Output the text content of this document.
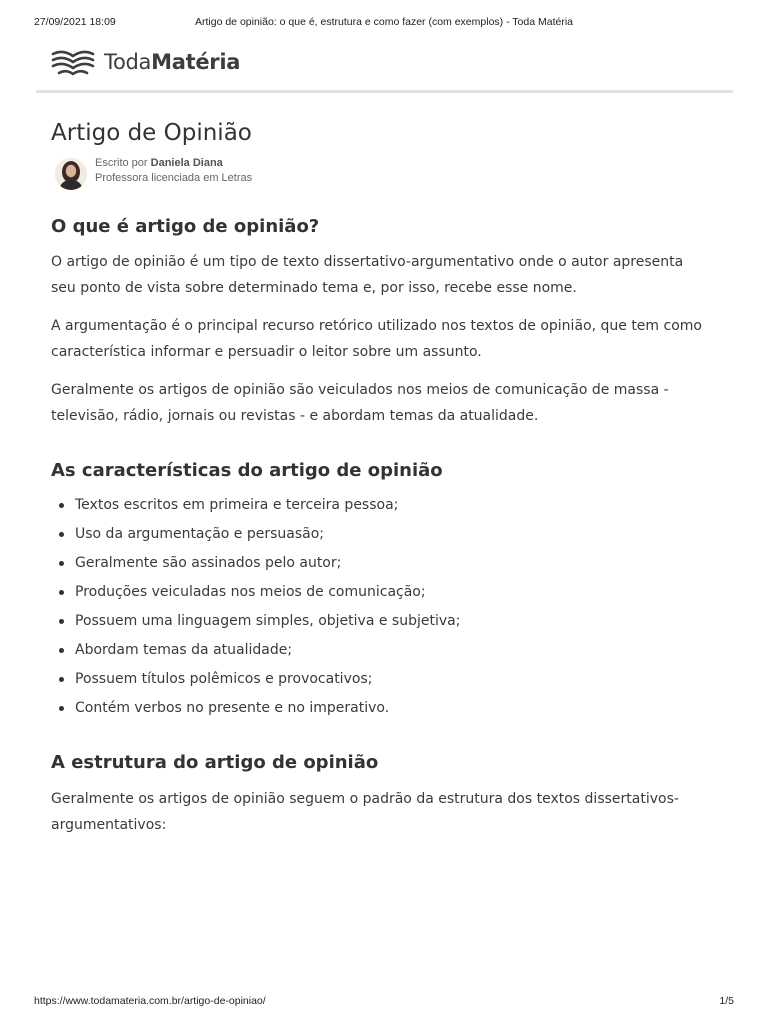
27/09/2021 18:09	Artigo de opinião: o que é, estrutura e como fazer (com exemplos) - Toda Matéria
TodaMatéria
Artigo de Opinião
Escrito por Daniela Diana
Professora licenciada em Letras
O que é artigo de opinião?

O artigo de opinião é um tipo de texto dissertativo-argumentativo onde o autor apresenta seu ponto de vista sobre determinado tema e, por isso, recebe esse nome.

A argumentação é o principal recurso retórico utilizado nos textos de opinião, que tem como característica informar e persuadir o leitor sobre um assunto.

Geralmente os artigos de opinião são veiculados nos meios de comunicação de massa - televisão, rádio, jornais ou revistas - e abordam temas da atualidade.

As características do artigo de opinião
Textos escritos em primeira e terceira pessoa;
Uso da argumentação e persuasão;
Geralmente são assinados pelo autor;
Produções veiculadas nos meios de comunicação;
Possuem uma linguagem simples, objetiva e subjetiva;
Abordam temas da atualidade;
Possuem títulos polêmicos e provocativos;
Contém verbos no presente e no imperativo.
A estrutura do artigo de opinião

Geralmente os artigos de opinião seguem o padrão da estrutura dos textos dissertativos-argumentativos:

https://www.todamateria.com.br/artigo-de-opiniao/	1/5
